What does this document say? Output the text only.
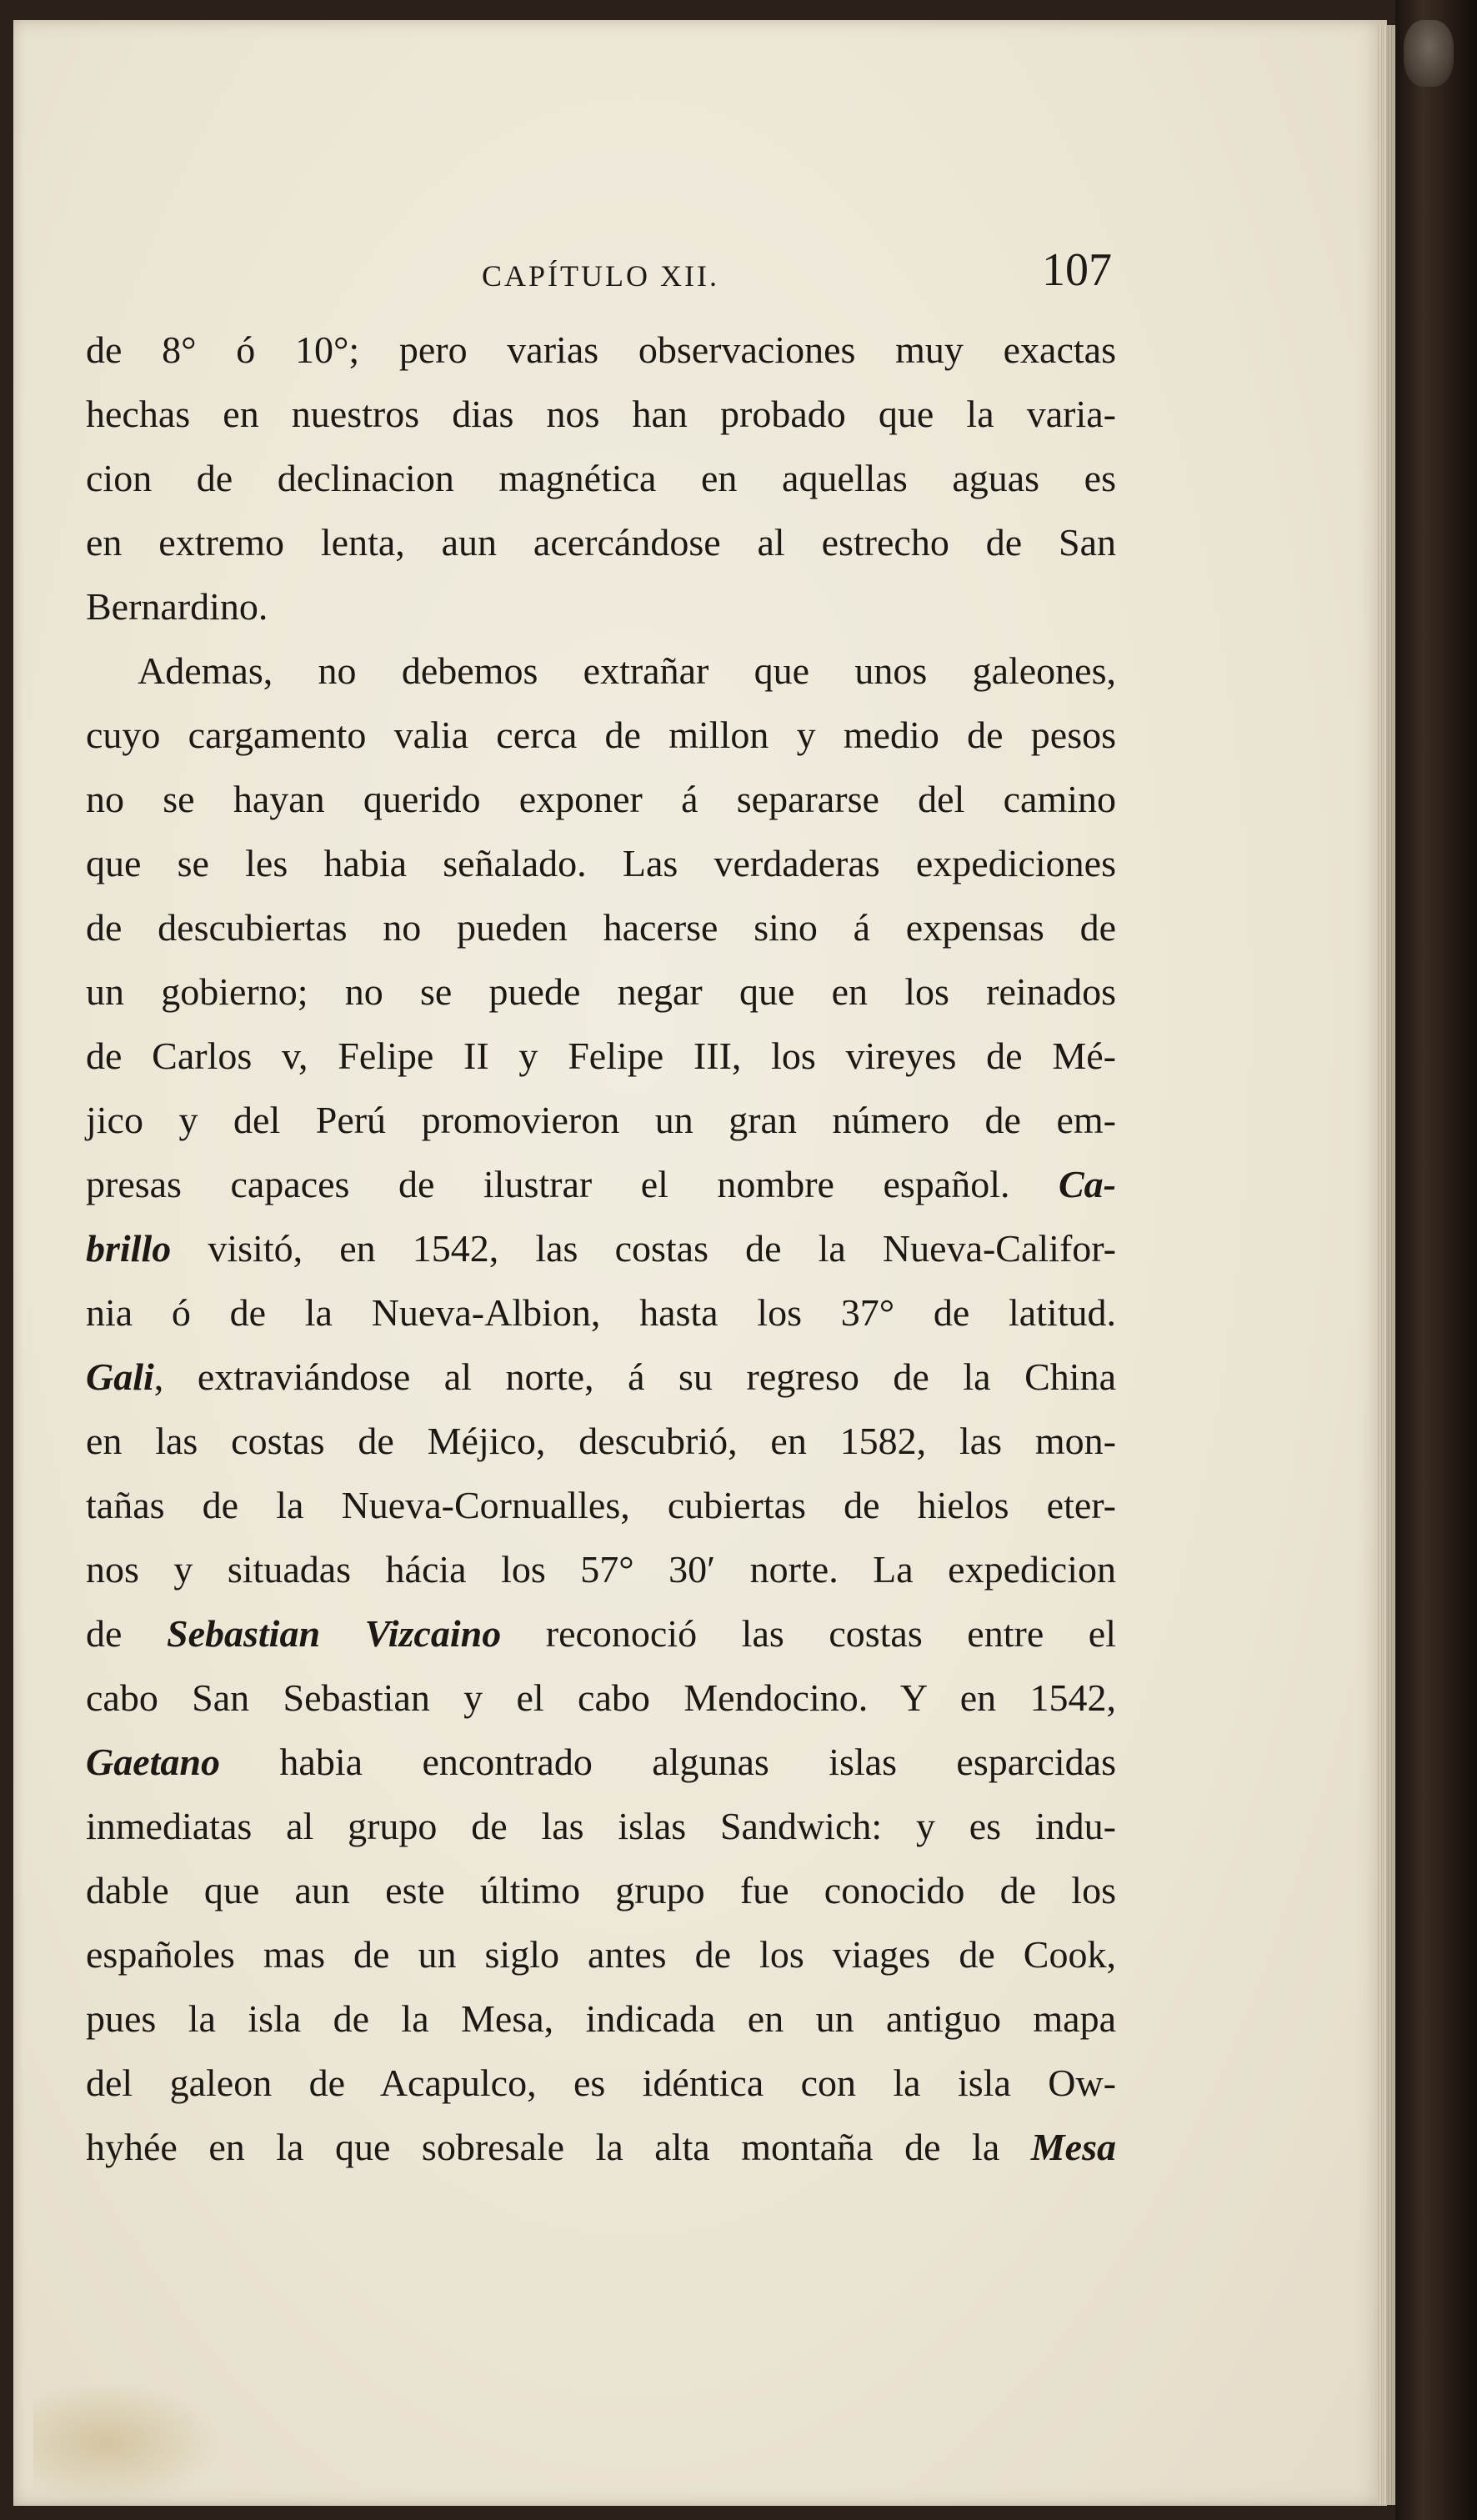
CAPÍTULO XII.	107
de 8° ó 10°; pero varias observaciones muy exactas
hechas en nuestros dias nos han probado que la varia-
cion de declinacion magnética en aquellas aguas es
en extremo lenta, aun acercándose al estrecho de San
Bernardino.
Ademas, no debemos extrañar que unos galeones,
cuyo cargamento valia cerca de millon y medio de pesos
no se hayan querido exponer á separarse del camino
que se les habia señalado. Las verdaderas expediciones
de descubiertas no pueden hacerse sino á expensas de
un gobierno; no se puede negar que en los reinados
de Carlos v, Felipe II y Felipe III, los vireyes de Mé-
jico y del Perú promovieron un gran número de em-
presas capaces de ilustrar el nombre español. Ca-
brillo visitó, en 1542, las costas de la Nueva-Califor-
nia ó de la Nueva-Albion, hasta los 37° de latitud.
Gali, extraviándose al norte, á su regreso de la China
en las costas de Méjico, descubrió, en 1582, las mon-
tañas de la Nueva-Cornualles, cubiertas de hielos eter-
nos y situadas hácia los 57° 30′ norte. La expedicion
de Sebastian Vizcaino reconoció las costas entre el
cabo San Sebastian y el cabo Mendocino. Y en 1542,
Gaetano habia encontrado algunas islas esparcidas
inmediatas al grupo de las islas Sandwich: y es indu-
dable que aun este último grupo fue conocido de los
españoles mas de un siglo antes de los viages de Cook,
pues la isla de la Mesa, indicada en un antiguo mapa
del galeon de Acapulco, es idéntica con la isla Ow-
hyhée en la que sobresale la alta montaña de la Mesa
